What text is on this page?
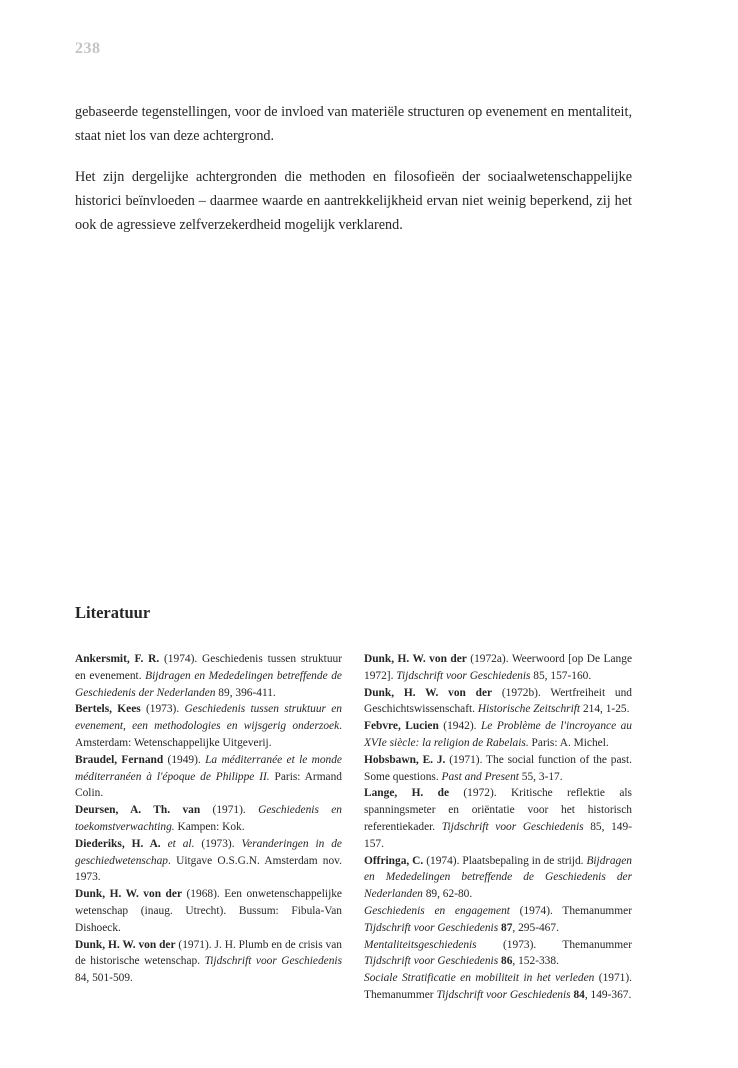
238

gebaseerde tegenstellingen, voor de invloed van materiële structuren op evenement en mentaliteit, staat niet los van deze achtergrond.

Het zijn dergelijke achtergronden die methoden en filosofieën der sociaalwetenschappelijke historici beïnvloeden – daarmee waarde en aantrekkelijkheid ervan niet weinig beperkend, zij het ook de agressieve zelfverzekerdheid mogelijk verklarend.

Literatuur

Ankersmit, F. R. (1974). Geschiedenis tussen struktuur en evenement. Bijdragen en Mededelingen betreffende de Geschiedenis der Nederlanden 89, 396-411.

Bertels, Kees (1973). Geschiedenis tussen struktuur en evenement, een methodologies en wijsgerig onderzoek. Amsterdam: Wetenschappelijke Uitgeverij.

Braudel, Fernand (1949). La méditerranée et le monde méditerranéen à l'époque de Philippe II. Paris: Armand Colin.

Deursen, A. Th. van (1971). Geschiedenis en toekomstverwachting. Kampen: Kok.

Diederiks, H. A. et al. (1973). Veranderingen in de geschiedwetenschap. Uitgave O.S.G.N. Amsterdam nov. 1973.

Dunk, H. W. von der (1968). Een onwetenschappelijke wetenschap (inaug. Utrecht). Bussum: Fibula-Van Dishoeck.

Dunk, H. W. von der (1971). J. H. Plumb en de crisis van de historische wetenschap. Tijdschrift voor Geschiedenis 84, 501-509.

Dunk, H. W. von der (1972a). Weerwoord [op De Lange 1972]. Tijdschrift voor Geschiedenis 85, 157-160.

Dunk, H. W. von der (1972b). Wertfreiheit und Geschichtswissenschaft. Historische Zeitschrift 214, 1-25.

Febvre, Lucien (1942). Le Problème de l'incroyance au XVIe siècle: la religion de Rabelais. Paris: A. Michel.

Hobsbawn, E. J. (1971). The social function of the past. Some questions. Past and Present 55, 3-17.

Lange, H. de (1972). Kritische reflektie als spanningsmeter en oriëntatie voor het historisch referentiekader. Tijdschrift voor Geschiedenis 85, 149-157.

Offringa, C. (1974). Plaatsbepaling in de strijd. Bijdragen en Mededelingen betreffende de Geschiedenis der Nederlanden 89, 62-80.

Geschiedenis en engagement (1974). Themanummer Tijdschrift voor Geschiedenis 87, 295-467.

Mentaliteitsgeschiedenis (1973). Themanummer Tijdschrift voor Geschiedenis 86, 152-338.

Sociale Stratificatie en mobiliteit in het verleden (1971). Themanummer Tijdschrift voor Geschiedenis 84, 149-367.
